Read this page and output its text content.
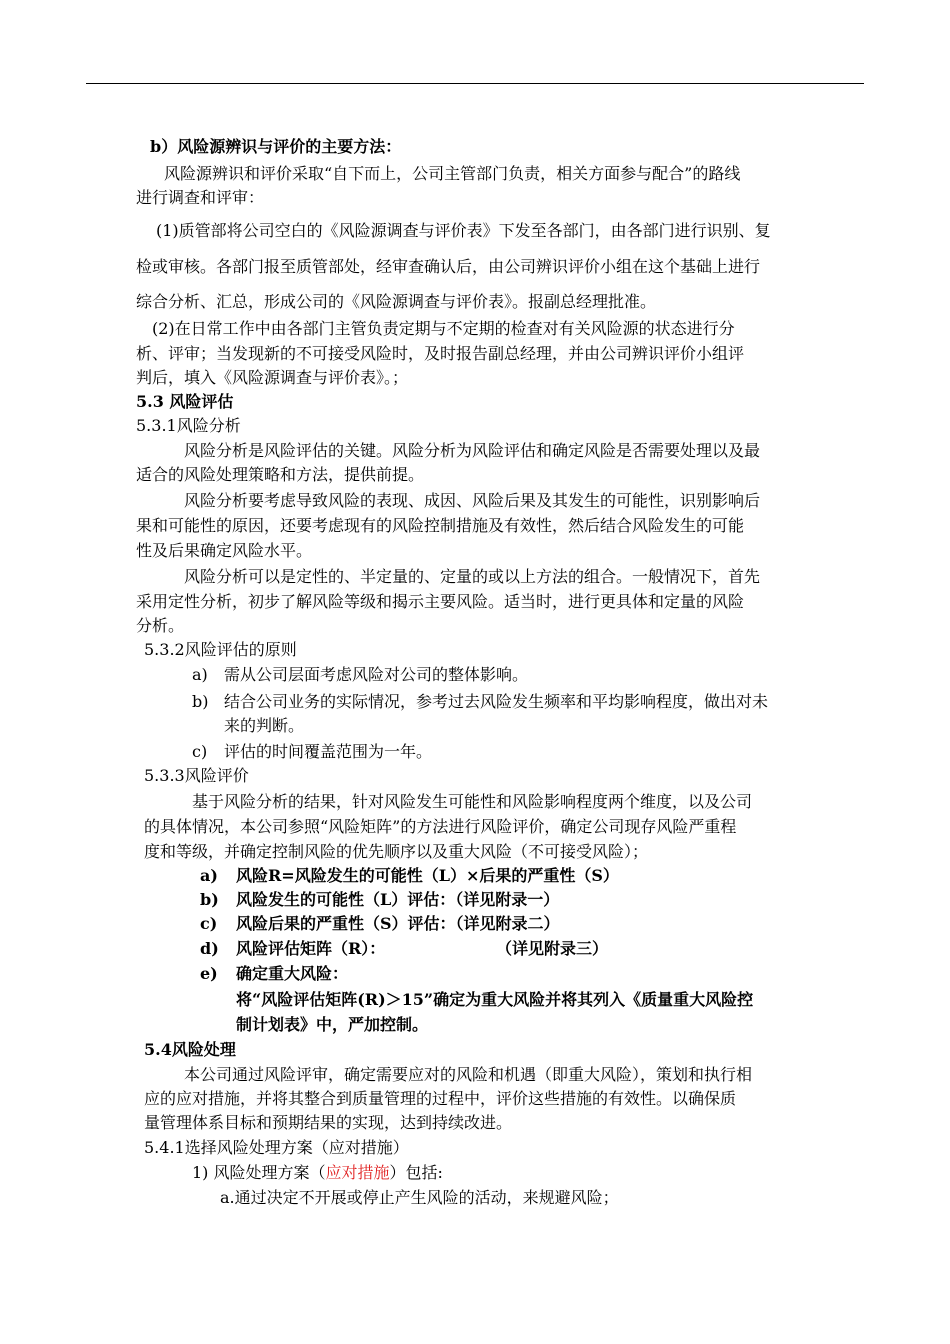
b）风险源辨识与评价的主要方法：
风险源辨识和评价采取“自下而上，公司主管部门负责，相关方面参与配合”的路线
进行调查和评审：
(1)质管部将公司空白的《风险源调查与评价表》下发至各部门，由各部门进行识别、复
检或审核。各部门报至质管部处，经审查确认后，由公司辨识评价小组在这个基础上进行
综合分析、汇总，形成公司的《风险源调查与评价表》。报副总经理批准。
(2)在日常工作中由各部门主管负责定期与不定期的检查对有关风险源的状态进行分
析、评审；当发现新的不可接受风险时，及时报告副总经理，并由公司辨识评价小组评
判后，填入《风险源调查与评价表》。；
5.3 风险评估
5.3.1风险分析
风险分析是风险评估的关键。风险分析为风险评估和确定风险是否需要处理以及最
适合的风险处理策略和方法，提供前提。
风险分析要考虑导致风险的表现、成因、风险后果及其发生的可能性，识别影响后
果和可能性的原因，还要考虑现有的风险控制措施及有效性，然后结合风险发生的可能
性及后果确定风险水平。
风险分析可以是定性的、半定量的、定量的或以上方法的组合。一般情况下，首先
采用定性分析，初步了解风险等级和揭示主要风险。适当时，进行更具体和定量的风险
分析。
5.3.2风险评估的原则
a) 需从公司层面考虑风险对公司的整体影响。
b) 结合公司业务的实际情况，参考过去风险发生频率和平均影响程度，做出对未
来的判断。
c) 评估的时间覆盖范围为一年。
5.3.3风险评价
基于风险分析的结果，针对风险发生可能性和风险影响程度两个维度，以及公司
的具体情况，本公司参照“风险矩阵”的方法进行风险评价，确定公司现存风险严重程
度和等级，并确定控制风险的优先顺序以及重大风险（不可接受风险）；
a) 风险R=风险发生的可能性（L）×后果的严重性（S）
b) 风险发生的可能性（L）评估：（详见附录一）
c) 风险后果的严重性（S）评估：（详见附录二）
d) 风险评估矩阵（R）：	（详见附录三）
e) 确定重大风险：
将“风险评估矩阵(R)＞15”确定为重大风险并将其列入《质量重大风险控
制计划表》中，严加控制。
5.4风险处理
本公司通过风险评审，确定需要应对的风险和机遇（即重大风险），策划和执行相
应的应对措施，并将其整合到质量管理的过程中，评价这些措施的有效性。以确保质
量管理体系目标和预期结果的实现，达到持续改进。
5.4.1选择风险处理方案（应对措施）
1) 风险处理方案（应对措施）包括:
a.通过决定不开展或停止产生风险的活动，来规避风险；
